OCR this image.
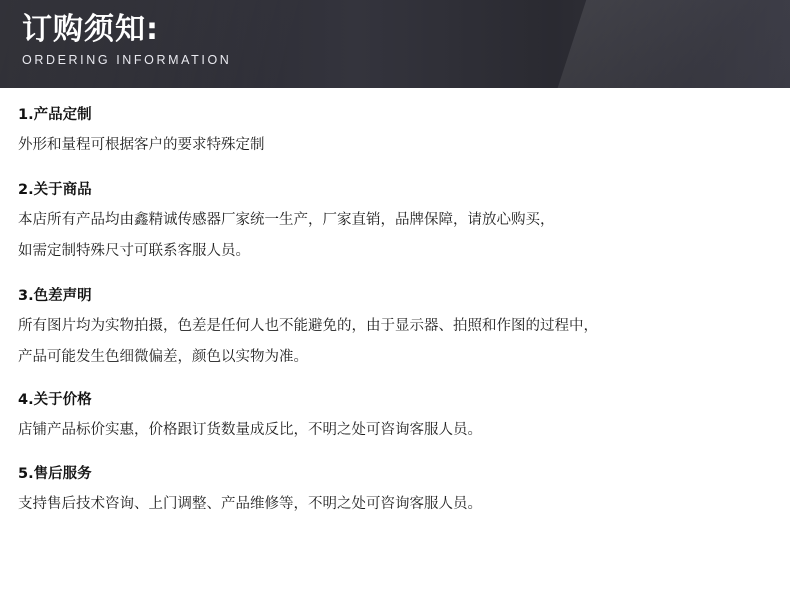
订购须知:
ORDERING INFORMATION
1.产品定制
外形和量程可根据客户的要求特殊定制
2.关于商品
本店所有产品均由鑫精诚传感器厂家统一生产，厂家直销，品牌保障，请放心购买，
如需定制特殊尺寸可联系客服人员。
3.色差声明
所有图片均为实物拍摄，色差是任何人也不能避免的，由于显示器、拍照和作图的过程中，
产品可能发生色细微偏差，颜色以实物为准。
4.关于价格
店铺产品标价实惠，价格跟订货数量成反比，不明之处可咨询客服人员。
5.售后服务
支持售后技术咨询、上门调整、产品维修等，不明之处可咨询客服人员。
